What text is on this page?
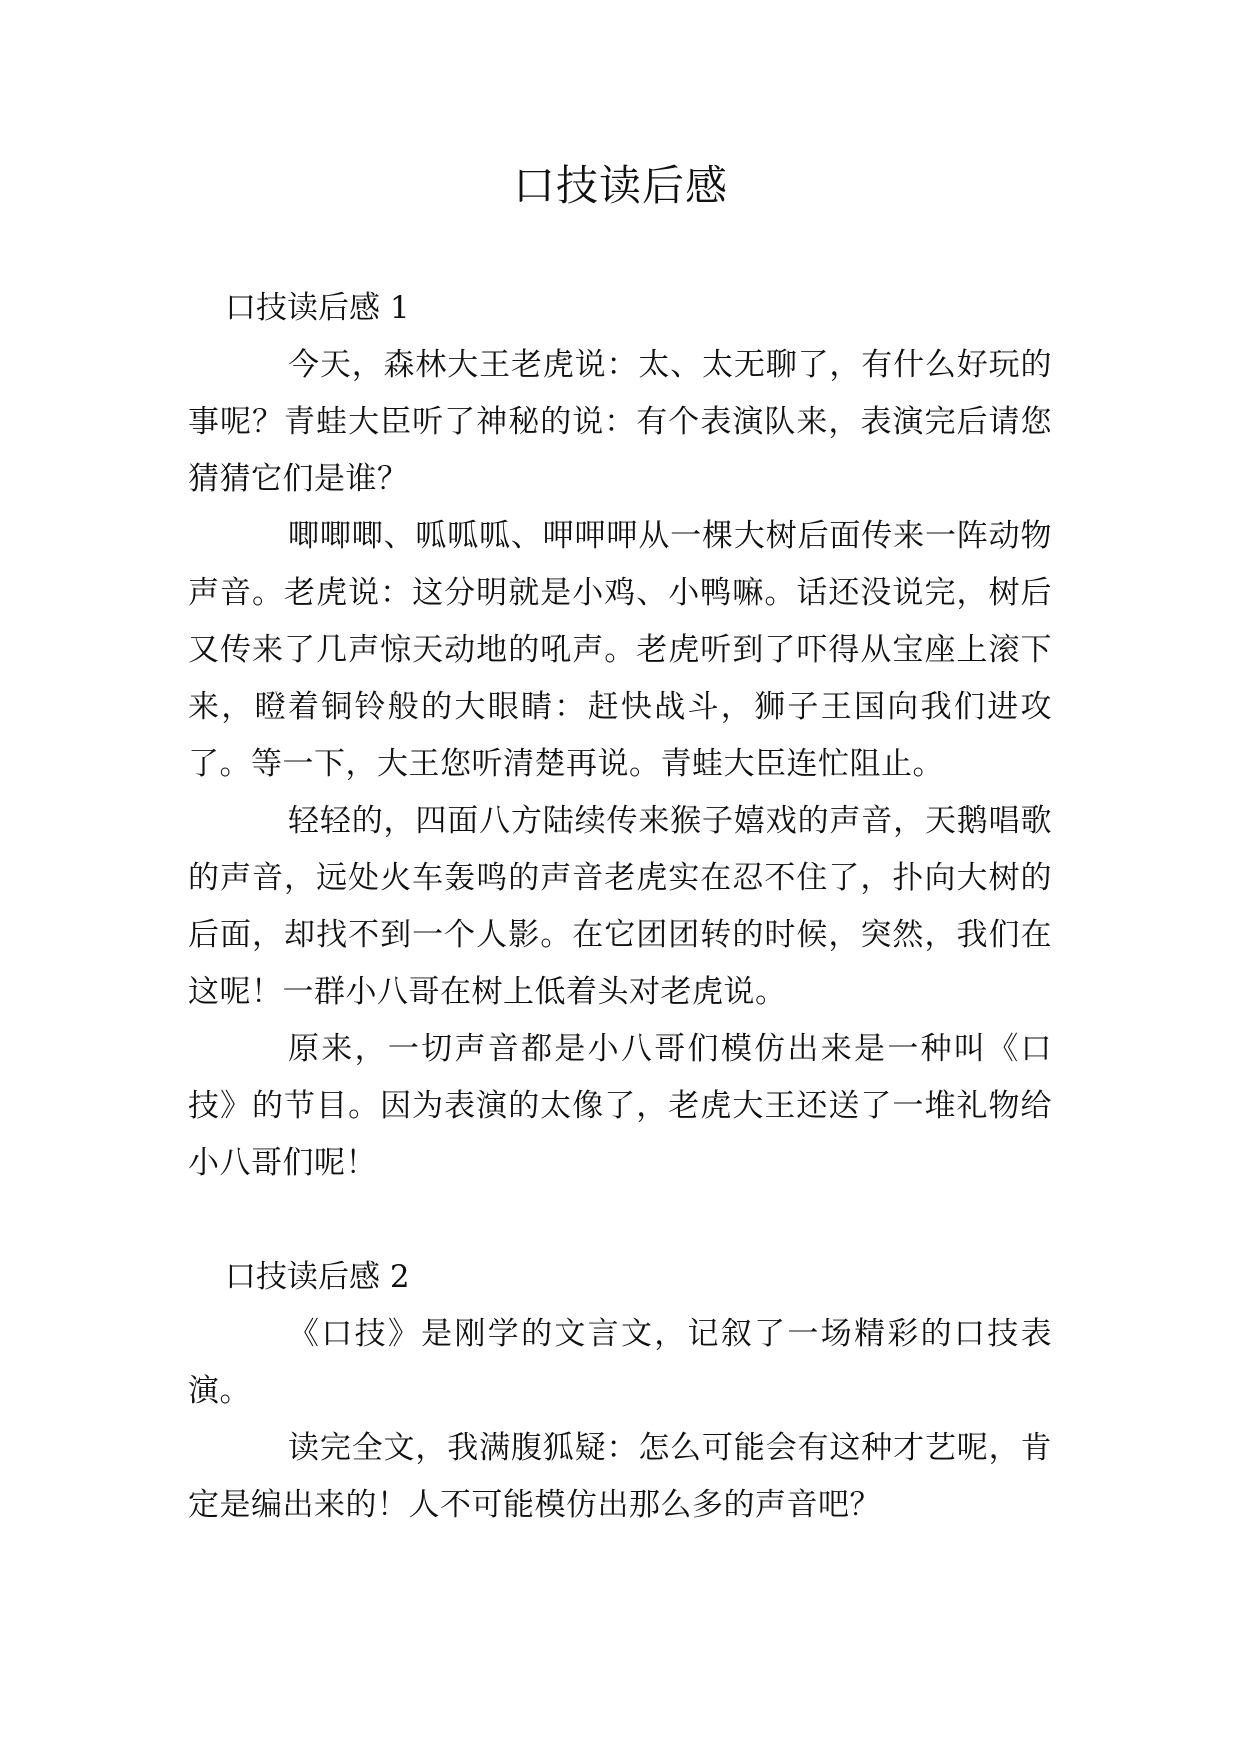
口技读后感
口技读后感 1

今天，森林大王老虎说：太、太无聊了，有什么好玩的事呢？青蛙大臣听了神秘的说：有个表演队来，表演完后请您猜猜它们是谁？

唧唧唧、呱呱呱、呷呷呷从一棵大树后面传来一阵动物声音。老虎说：这分明就是小鸡、小鸭嘛。话还没说完，树后又传来了几声惊天动地的吼声。老虎听到了吓得从宝座上滚下来，瞪着铜铃般的大眼睛：赶快战斗，狮子王国向我们进攻了。等一下，大王您听清楚再说。青蛙大臣连忙阻止。

轻轻的，四面八方陆续传来猴子嬉戏的声音，天鹅唱歌的声音，远处火车轰鸣的声音老虎实在忍不住了，扑向大树的后面，却找不到一个人影。在它团团转的时候，突然，我们在这呢！一群小八哥在树上低着头对老虎说。

原来，一切声音都是小八哥们模仿出来是一种叫《口技》的节目。因为表演的太像了，老虎大王还送了一堆礼物给小八哥们呢！

口技读后感 2

《口技》是刚学的文言文，记叙了一场精彩的口技表演。

读完全文，我满腹狐疑：怎么可能会有这种才艺呢，肯定是编出来的！人不可能模仿出那么多的声音吧？
